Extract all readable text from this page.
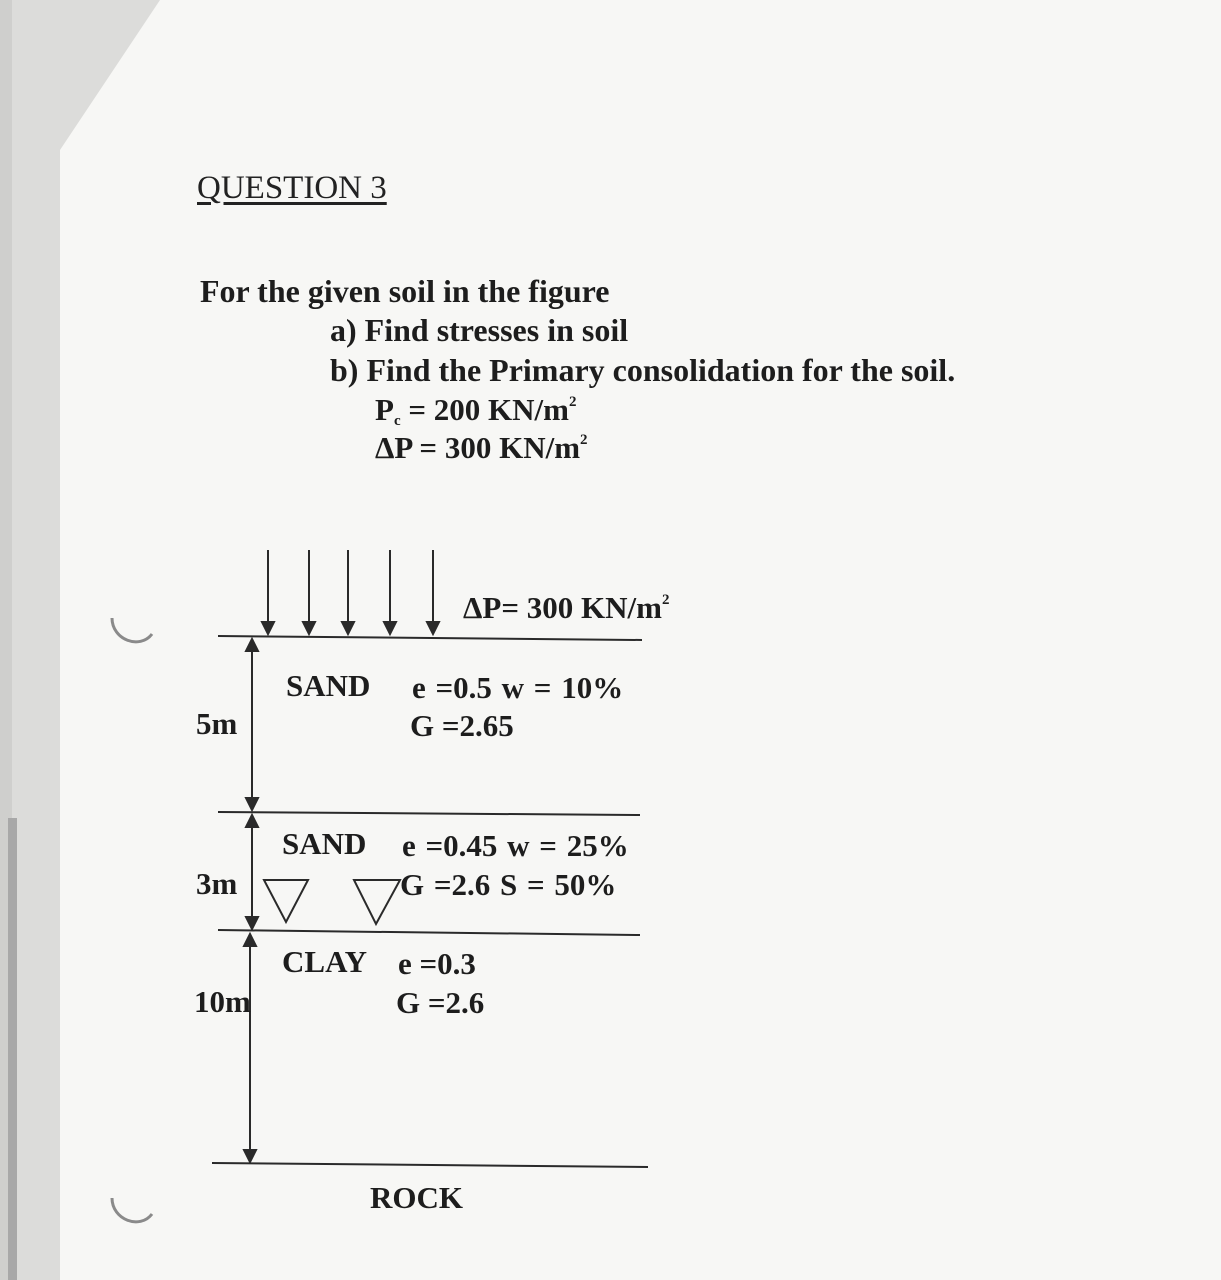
QUESTION 3
For the given soil in the figure
a) Find stresses in soil
b) Find the Primary consolidation for the soil.
$P_c = 200$ $KN/m^2$
ΔP = 300 $KN/m^2$
ΔP= 300 $KN/m^2$
SAND e =0.5 w = 10%
G =2.65
5m
SAND e =0.45 w = 25%
G =2.6 S = 50%
3m
CLAY e =0.3
G =2.6
10m
ROCK
